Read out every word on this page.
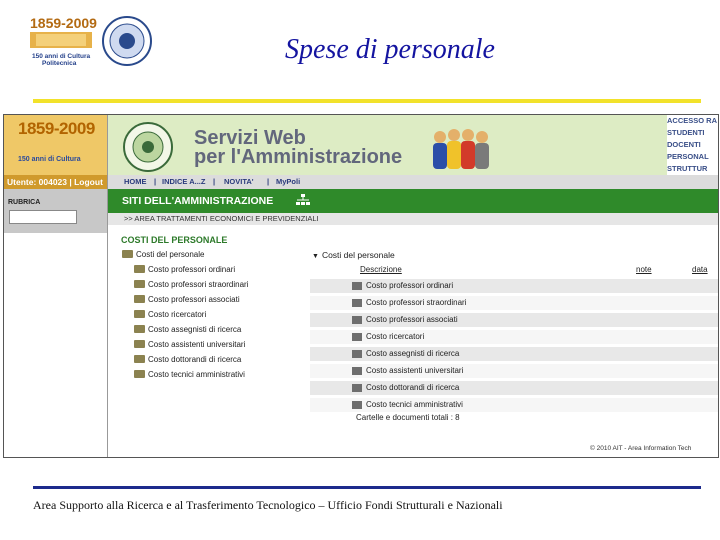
1859-2009
150 anni di Cultura
Politecnica	Spese di personale
1859-2009
150 anni di Cultura
Utente: 004023 | Logout
RUBRICA
Servizi Web
per l'Amministrazione
ACCESSO RA
STUDENTI
DOCENTI
PERSONAL
STRUTTUR
HOME | INDICE A...Z | NOVITA' | MyPoli
SITI DELL'AMMINISTRAZIONE
>> AREA TRATTAMENTI ECONOMICI E PREVIDENZIALI
COSTI DEL PERSONALE
Costi del personale
Costo professori ordinari
Costo professori straordinari
Costo professori associati
Costo ricercatori
Costo assegnisti di ricerca
Costo assistenti universitari
Costo dottorandi di ricerca
Costo tecnici amministrativi
▼ Costi del personale
Descrizione	note	data
Costo professori ordinari
Costo professori straordinari
Costo professori associati
Costo ricercatori
Costo assegnisti di ricerca
Costo assistenti universitari
Costo dottorandi di ricerca
Costo tecnici amministrativi
Cartelle e documenti totali : 8
© 2010 AIT - Area Information Tech
Area Supporto alla Ricerca e al Trasferimento Tecnologico – Ufficio Fondi Strutturali e Nazionali
